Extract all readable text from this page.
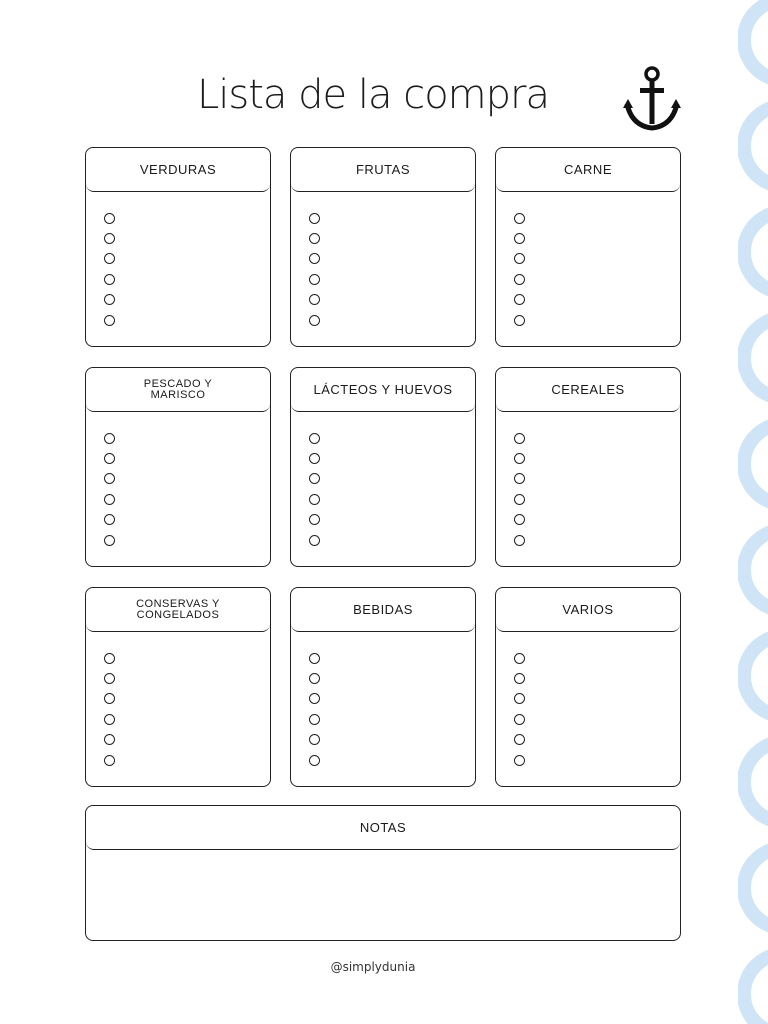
Lista de la compra
VERDURAS	FRUTAS	CARNE
PESCADO Y
MARISCO	LÁCTEOS Y HUEVOS	CEREALES
CONSERVAS Y
CONGELADOS	BEBIDAS	VARIOS
NOTAS
@simplydunia
